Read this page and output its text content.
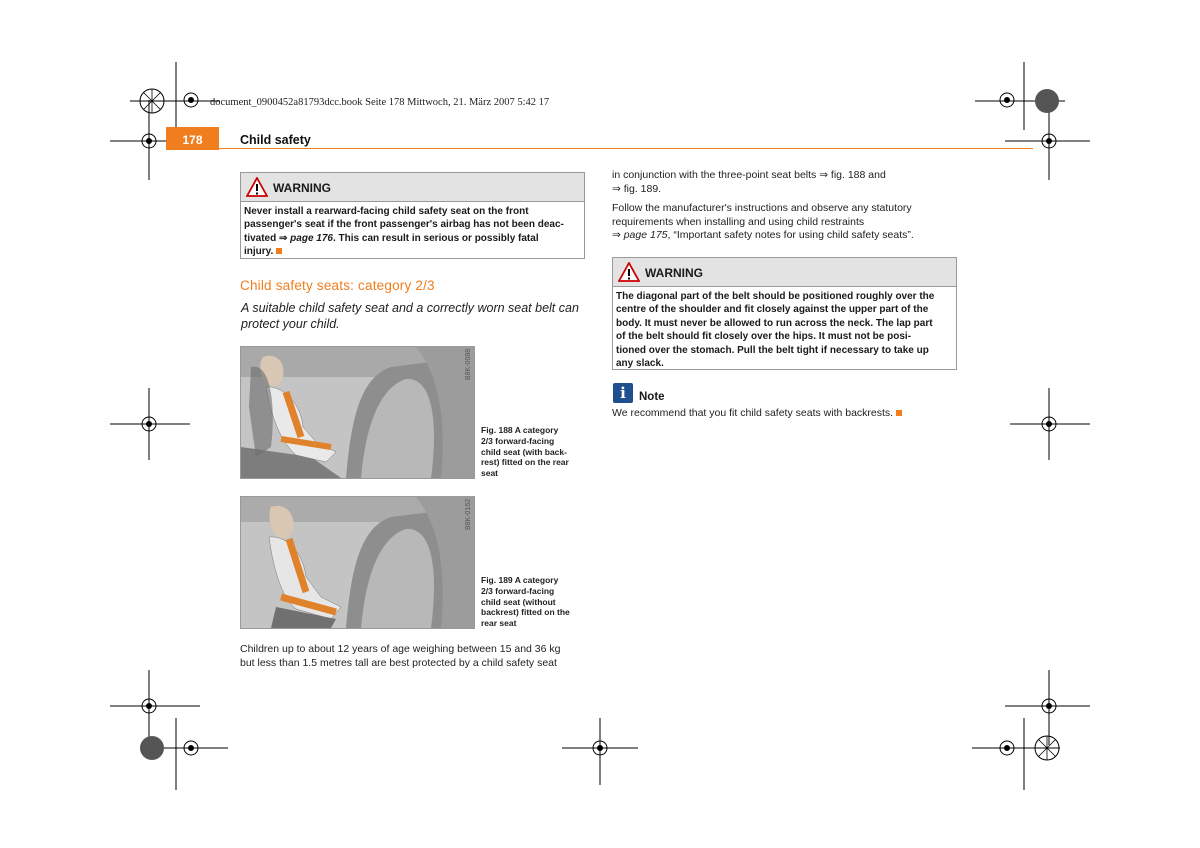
document_0900452a81793dcc.book Seite 178 Mittwoch, 21. März 2007 5:42 17
178	Child safety
WARNING
Never install a rearward-facing child safety seat on the front
passenger's seat if the front passenger's airbag has not been deac-
tivated ⇒ page 176. This can result in serious or possibly fatal
injury.
Child safety seats: category 2/3
A suitable child safety seat and a correctly worn seat belt can protect your child.
B8K-0088
Fig. 188 A category
2/3 forward-facing
child seat (with back-
rest) fitted on the rear
seat
B8K-0162
Fig. 189 A category
2/3 forward-facing
child seat (without
backrest) fitted on the
rear seat
Children up to about 12 years of age weighing between 15 and 36 kg
but less than 1.5 metres tall are best protected by a child safety seat
in conjunction with the three-point seat belts ⇒ fig. 188 and
⇒ fig. 189.
Follow the manufacturer's instructions and observe any statutory
requirements when installing and using child restraints
⇒ page 175, “Important safety notes for using child safety seats”.
WARNING
The diagonal part of the belt should be positioned roughly over the
centre of the shoulder and fit closely against the upper part of the
body. It must never be allowed to run across the neck. The lap part
of the belt should fit closely over the hips. It must not be posi-
tioned over the stomach. Pull the belt tight if necessary to take up
any slack.
i	Note
We recommend that you fit child safety seats with backrests.
